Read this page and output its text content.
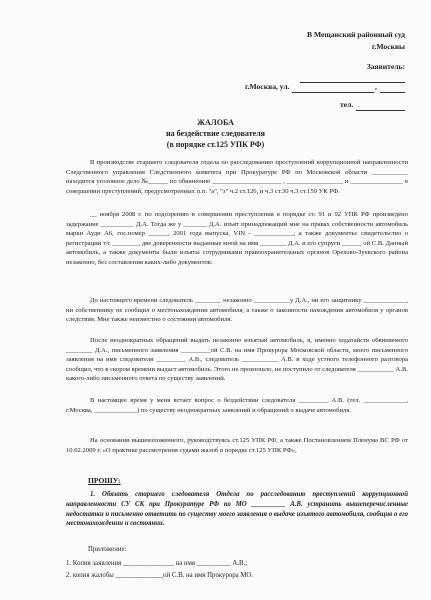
В Мещанский районный суд
г.Москвы
Заявитель:
г.Москва, ул.	,
тел.
ЖАЛОБА
на бездействие следователя
(в порядке ст.125 УПК РФ)

В производстве старшего следователя отдела по расследованию преступлений коррупционной направленности Следственного управления Следственного комитета при Прокуратуре РФ по Московской области ___________ находится уголовное дело №______ по обвинению _____________________ , _________________ и ________________ в совершении преступлений, предусмотренных п.п. "а", "з" ч.2 ст.126, и ч.3 ст.30 ч.3 ст.159 УК РФ.

__ ноября 2008 г. по подозрению в совершении преступления в порядке ст. 91 и 92 УПК РФ произведено задержание __________ Д.А. Тогда же у _______ Д.А. изъят принадлежащий мне на правах собственности автомобиль марки Ауди А6, гос.номер ______, 2001 года выпуска, VIN - ____________, а также документы: свидетельство о регистрации т/с ________, две доверенности выданные мной на имя ________ Д.А. и его супруги ______ ой С.В. Данный автомобиль, а также документы были изъяты сотрудниками правоохранительных органов Орехово-Зуевского района незаконно, без составления каких-либо документов.

До настоящего времени следователь ________ незаконно ___________у Д.А., ни его защитнику _____________, ни собственнику не сообщил о местонахождении автомобиля, а также о законности нахождения автомобиля у органов следствия. Мне также неизвестно о состоянии автомобиля.

После неоднократных обращений выдать незаконно изъятый автомобиль, я, именно ходатайств обвиняемого ________ Д.А., письменного заявления _________ой С.В. на имя Прокурора Московской области, моего письменного заявления на имя следователя _________ А.В., следователь ___________ А.В. в ходе устного телефонного разговора сообщил, что в скором времени выдаст автомобиль. Этого не произошло, не поступило от следователя ___________ А.В. какого-либо письменного ответа по существу заявлений.

В настоящее время у меня встает вопрос о бездействии следователя _________ А.В. (тел. _____________, г.Москва, _____________) по существу неоднократных заявлений и обращений о выдаче автомобиля.

На основании вышеизложенного, руководствуясь ст.125 УПК РФ, а также Постановлением Пленума ВС РФ от 10.02.2009 г. «О практике рассмотрения судами жалоб в порядке ст.125 УПК РФ»,

ПРОШУ:

1. Обязать старшего следователя Отдела по расследованию преступлений коррупционной направленности СУ СК при Прокуратуре РФ по МО __________ А.В. устранить вышеперечисленные недостатки и письменно ответить по существу моего заявления о выдаче изъятого автомобиля, сообщив о его местонахождении и состоянии.

Приложение:
1. Копия заявления _______________ на имя __________ А.В.;
2. копия жалобы ______________ой С.В. на имя Прокурора МО.
